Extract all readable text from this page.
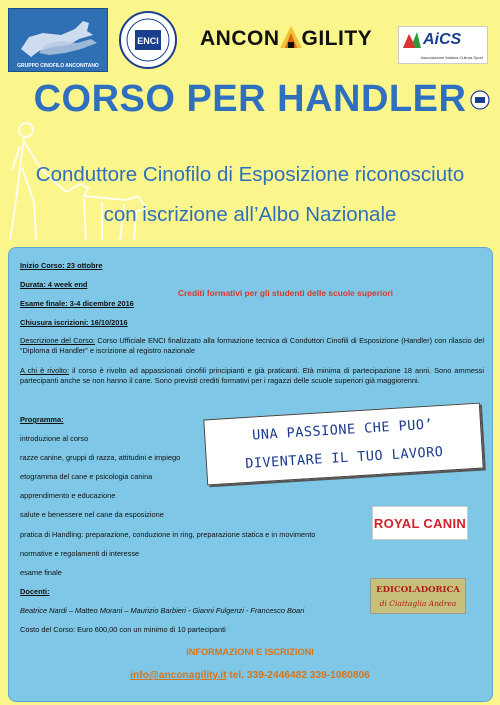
GRUPPO CINOFILO ANCONITANO
ENCI ANCON GILITY	AiCS
Associazione Italiana Cultura Sport
CORSO PER HANDLER
Conduttore Cinofilo di Esposizione riconosciuto
con iscrizione all’Albo Nazionale
Inizio Corso: 23 ottobre
Durata: 4 week end
Esame finale: 3-4 dicembre 2016
Chiusura iscrizioni: 16/10/2016
Crediti formativi per gli studenti delle scuole superiori
Descrizione del Corso: Corso Ufficiale ENCI finalizzato alla formazione tecnica di Conduttori Cinofili di Esposizione (Handler) con rilascio del “Diploma di Handler” e iscrizione al registro nazionale
A chi è rivolto: il corso è rivolto ad appassionati cinofili principianti e già praticanti. Età minima di partecipazione 18 anni. Sono ammessi partecipanti anche se non hanno il cane. Sono previsti crediti formativi per i ragazzi delle scuole superiori già maggiorenni.
Programma:
introduzione al corso
razze canine, gruppi di razza, attitudini e impiego
etogramma del cane e psicologia canina
apprendimento e educazione
salute e benessere nel cane da esposizione
pratica di Handling: preparazione, conduzione in ring, preparazione statica e in movimento
normative e regolamenti di interesse
esame finale
Docenti:
Beatrice Nardi – Matteo Morani – Maurizio Barbieri - Gianni Fulgenzi - Francesco Boari
Costo del Corso: Euro 600,00 con un minimo di 10 partecipanti
UNA PASSIONE CHE PUO’
DIVENTARE IL TUO LAVORO
ROYAL CANIN
EDICOLADORICA
di Ciattaglia Andrea
INFORMAZIONI E ISCRIZIONI
info@anconagility.it tel. 339-2446482 339-1080806
